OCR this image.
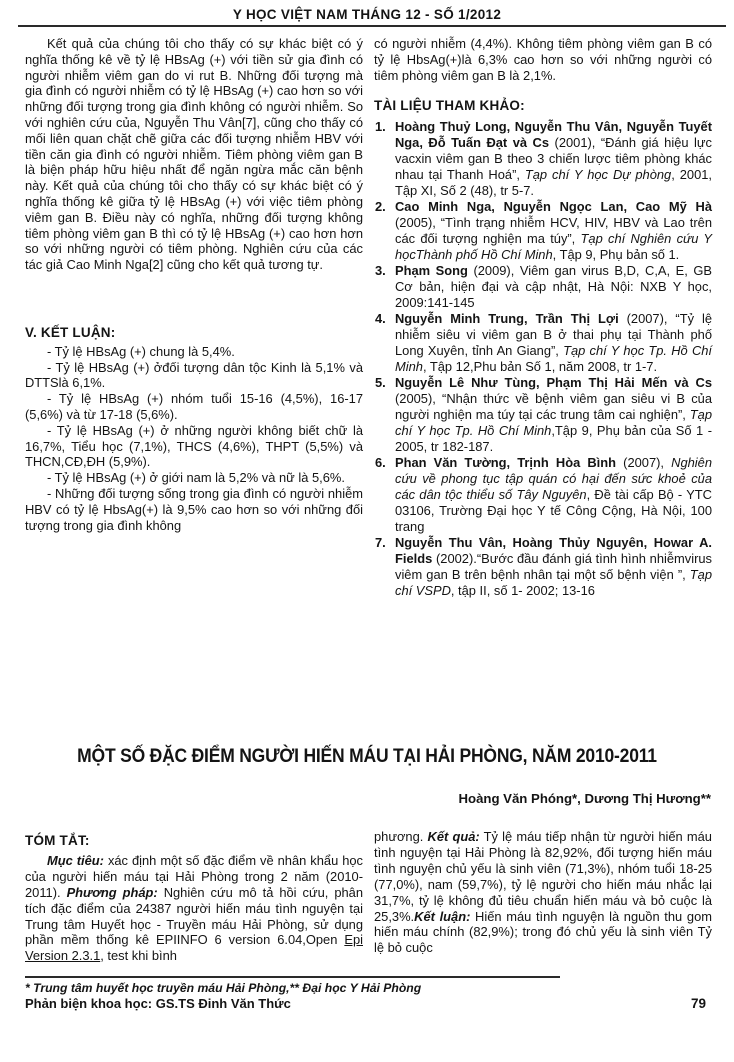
Y HỌC VIỆT NAM THÁNG 12 - SỐ 1/2012

Kết quả của chúng tôi cho thấy có sự khác biệt có ý nghĩa thống kê về tỷ lệ HBsAg (+) với tiền sử gia đình có người nhiễm viêm gan do vi rut B. Những đối tượng mà gia đình có người nhiễm có tỷ lệ HBsAg (+) cao hơn so với những đối tượng trong gia đình không có người nhiễm. So với nghiên cứu của, Nguyễn Thu Vân[7], cũng cho thấy có mối liên quan chặt chẽ giữa các đối tượng nhiễm HBV với tiền căn gia đình có người nhiễm. Tiêm phòng viêm gan B là biện pháp hữu hiệu nhất để ngăn ngừa mắc căn bệnh này. Kết quả của chúng tôi cho thấy có sự khác biệt có ý nghĩa thống kê giữa tỷ lệ HBsAg (+) với việc tiêm phòng viêm gan B. Điều này có nghĩa, những đối tượng không tiêm phòng viêm gan B thì có tỷ lệ HBsAg (+) cao hơn hơn so với những người có tiêm phòng. Nghiên cứu của các tác giả Cao Minh Nga[2] cũng cho kết quả tương tự.

V. KẾT LUẬN:

- Tỷ lệ HBsAg (+) chung là 5,4%.

- Tỷ lệ HBsAg (+) ởđối tượng dân tộc Kinh là 5,1% và DTTSlà 6,1%.

- Tỷ lệ HBsAg (+) nhóm tuổi 15-16 (4,5%), 16-17 (5,6%) và từ 17-18 (5,6%).

- Tỷ lệ HBsAg (+) ở những người không biết chữ là 16,7%, Tiểu học (7,1%), THCS (4,6%), THPT (5,5%) và THCN,CĐ,ĐH (5,9%).

- Tỷ lệ HBsAg (+) ở giới nam là 5,2% và nữ là 5,6%.

- Những đối tượng sống trong gia đình có người nhiễm HBV có tỷ lệ HbsAg(+) là 9,5% cao hơn so với những đối tượng trong gia đình không

có người nhiễm (4,4%). Không tiêm phòng viêm gan B có tỷ lệ HbsAg(+)là 6,3% cao hơn so với những người có tiêm phòng viêm gan B là 2,1%.

TÀI LIỆU THAM KHẢO:
1. Hoàng Thuỷ Long, Nguyễn Thu Vân, Nguyễn Tuyết Nga, Đỗ Tuấn Đạt và Cs (2001), “Đánh giá hiệu lực vacxin viêm gan B theo 3 chiến lược tiêm phòng khác nhau tại Thanh Hoá”, Tạp chí Y học Dự phòng, 2001, Tập XI, Số 2 (48), tr 5-7.
2. Cao Minh Nga, Nguyễn Ngọc Lan, Cao Mỹ Hà (2005), “Tình trạng nhiễm HCV, HIV, HBV và Lao trên các đối tượng nghiện ma túy”, Tạp chí Nghiên cứu Y họcThành phố Hồ Chí Minh, Tập 9, Phụ bản số 1.
3. Phạm Song (2009), Viêm gan virus B,D, C,A, E, GB Cơ bản, hiện đại và cập nhật, Hà Nội: NXB Y học, 2009:141-145
4. Nguyễn Minh Trung, Trần Thị Lợi (2007), “Tỷ lệ nhiễm siêu vi viêm gan B ở thai phụ tại Thành phố Long Xuyên, tỉnh An Giang”, Tạp chí Y học Tp. Hồ Chí Minh, Tập 12,Phu bản Số 1, năm 2008, tr 1-7.
5. Nguyễn Lê Như Tùng, Phạm Thị Hải Mến và Cs (2005), “Nhận thức về bệnh viêm gan siêu vi B của người nghiện ma túy tại các trung tâm cai nghiện”, Tạp chí Y học Tp. Hồ Chí Minh,Tập 9, Phụ bản của Số 1 - 2005, tr 182-187.
6. Phan Văn Tường, Trịnh Hòa Bình (2007), Nghiên cứu về phong tục tập quán có hại đến sức khoẻ của các dân tộc thiểu số Tây Nguyên, Đề tài cấp Bộ - YTC 03106, Trường Đại học Y tế Công Cộng, Hà Nội, 100 trang
7. Nguyễn Thu Vân, Hoàng Thủy Nguyên, Howar A. Fields (2002).“Bước đầu đánh giá tình hình nhiễmvirus viêm gan B trên bệnh nhân tại một số bệnh viện ”, Tạp chí VSPD, tập II, số 1- 2002; 13-16
MỘT SỐ ĐẶC ĐIỂM NGƯỜI HIẾN MÁU TẠI HẢI PHÒNG, NĂM 2010-2011
Hoàng Văn Phóng*, Dương Thị Hương**
TÓM TẮT:

Mục tiêu: xác định một số đặc điểm về nhân khẩu học của người hiến máu tại Hải Phòng trong 2 năm (2010-2011). Phương pháp: Nghiên cứu mô tả hồi cứu, phân tích đặc điểm của 24387 người hiến máu tình nguyện tại Trung tâm Huyết học - Truyền máu Hải Phòng, sử dụng phần mềm thống kê EPIINFO 6 version 6.04,Open Epi Version 2.3.1, test khi bình

phương. Kết quả: Tỷ lệ máu tiếp nhận từ người hiến máu tình nguyện tại Hải Phòng là 82,92%, đối tượng hiến máu tình nguyện chủ yếu là sinh viên (71,3%), nhóm tuổi 18-25 (77,0%), nam (59,7%), tỷ lệ người cho hiến máu nhắc lại 31,7%, tỷ lệ không đủ tiêu chuẩn hiến máu và bỏ cuộc là 25,3%.Kết luận: Hiến máu tình nguyện là nguồn thu gom hiến máu chính (82,9%); trong đó chủ yếu là sinh viên Tỷ lệ bỏ cuộc

* Trung tâm huyết học truyền máu Hải Phòng,** Đại học Y Hải Phòng
Phản biện khoa học: GS.TS Đinh Văn Thức	79
